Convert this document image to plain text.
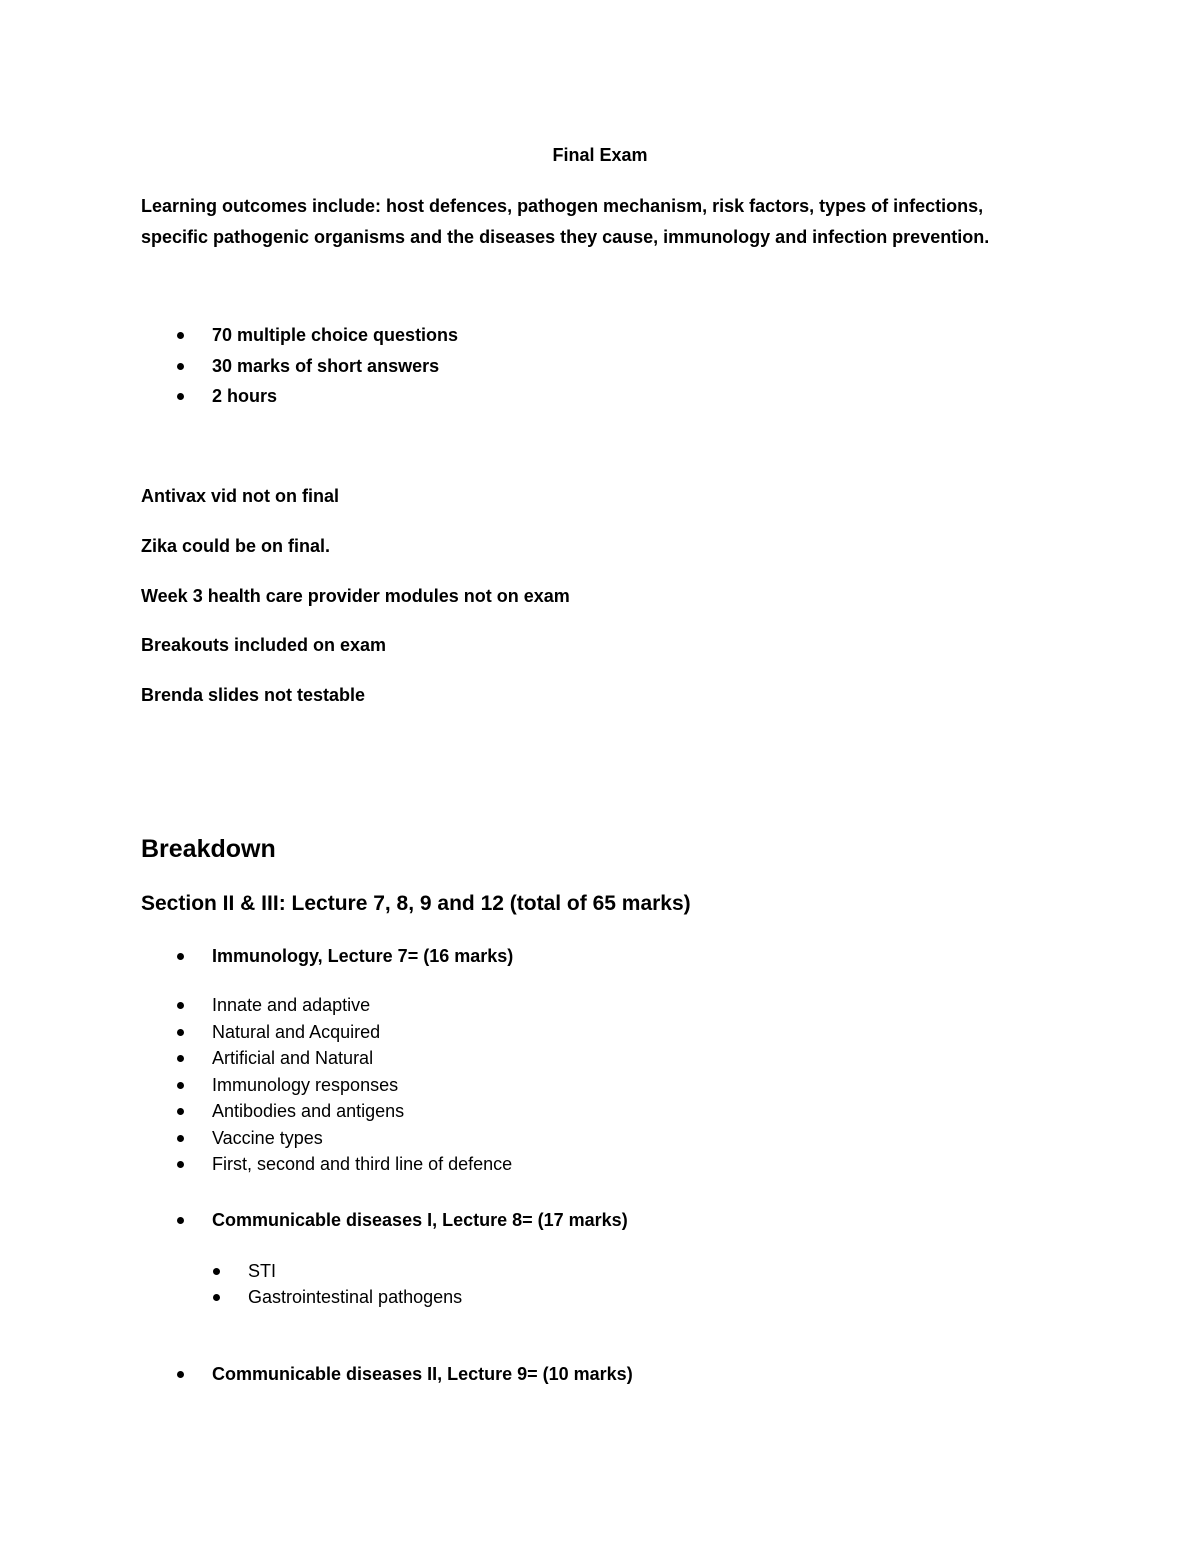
Final Exam
Learning outcomes include: host defences, pathogen mechanism, risk factors, types of infections,
specific pathogenic organisms and the diseases they cause, immunology and infection prevention.
70 multiple choice questions
30 marks of short answers
2 hours
Antivax vid not on final
Zika could be on final.
Week 3 health care provider modules not on exam
Breakouts included on exam
Brenda slides not testable
Breakdown
Section II & III: Lecture 7, 8, 9 and 12 (total of 65 marks)
Immunology, Lecture 7= (16 marks)
Innate and adaptive
Natural and Acquired
Artificial and Natural
Immunology responses
Antibodies and antigens
Vaccine types
First, second and third line of defence
Communicable diseases I, Lecture 8= (17 marks)
STI
Gastrointestinal pathogens
Communicable diseases II, Lecture 9= (10 marks)
